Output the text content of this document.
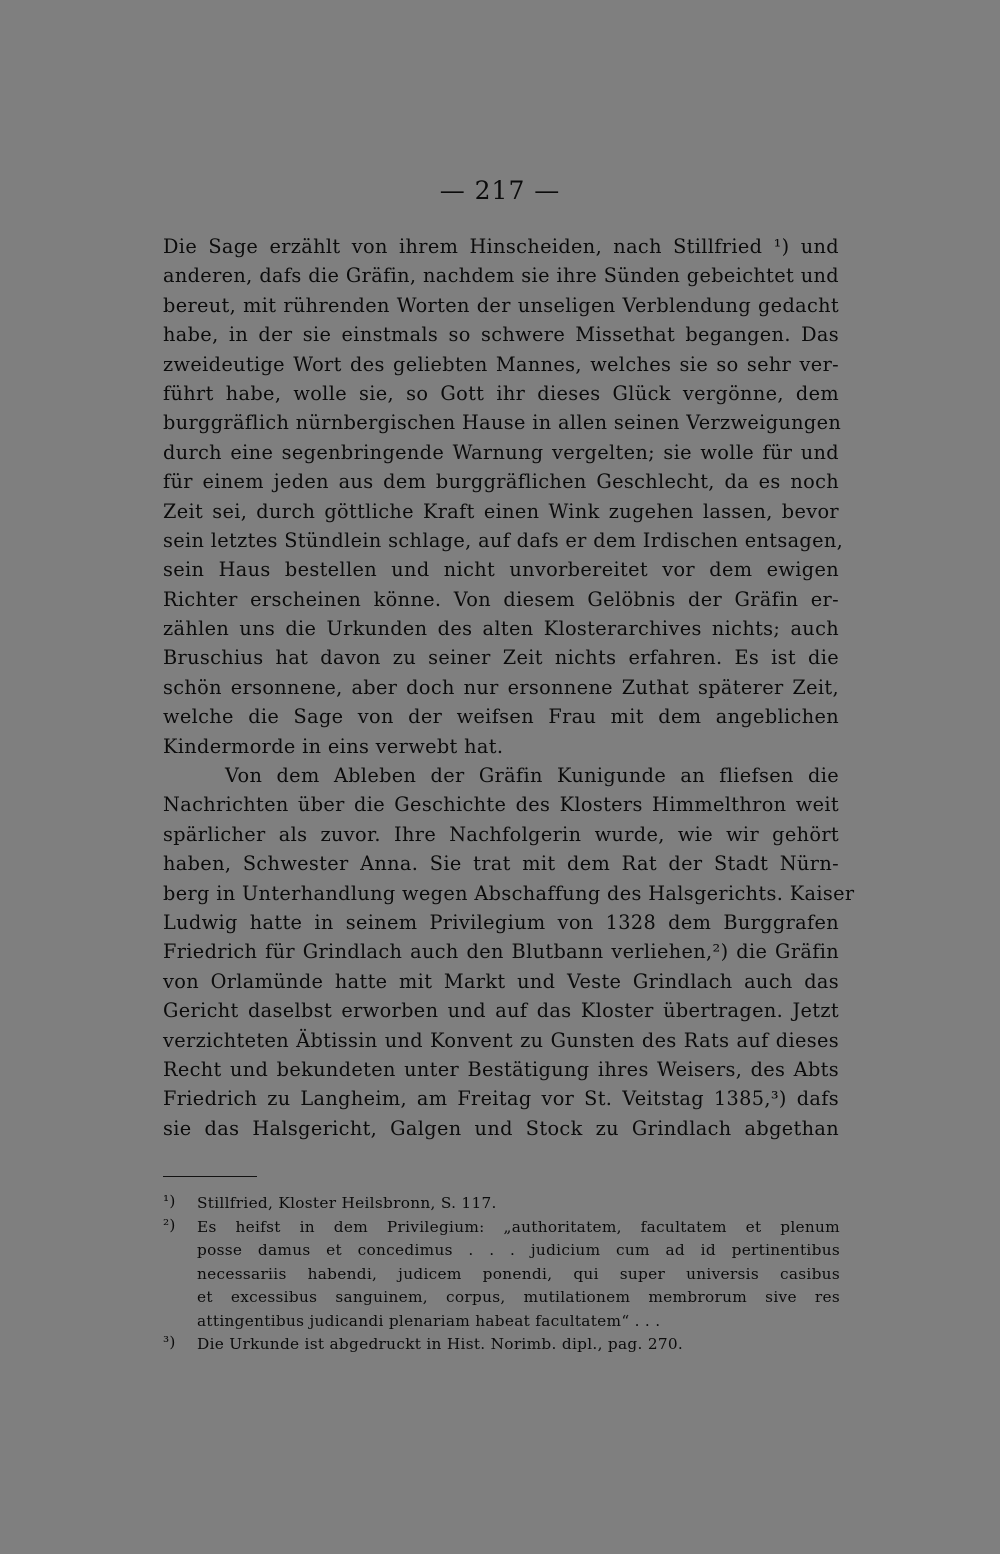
— 217 —
Die Sage erzählt von ihrem Hinscheiden, nach Stillfried ¹) und
anderen, dafs die Gräfin, nachdem sie ihre Sünden gebeichtet und
bereut, mit rührenden Worten der unseligen Verblendung gedacht
habe, in der sie einstmals so schwere Missethat begangen. Das
zweideutige Wort des geliebten Mannes, welches sie so sehr ver-
führt habe, wolle sie, so Gott ihr dieses Glück vergönne, dem
burggräflich nürnbergischen Hause in allen seinen Verzweigungen
durch eine segenbringende Warnung vergelten; sie wolle für und
für einem jeden aus dem burggräflichen Geschlecht, da es noch
Zeit sei, durch göttliche Kraft einen Wink zugehen lassen, bevor
sein letztes Stündlein schlage, auf dafs er dem Irdischen entsagen,
sein Haus bestellen und nicht unvorbereitet vor dem ewigen
Richter erscheinen könne. Von diesem Gelöbnis der Gräfin er-
zählen uns die Urkunden des alten Klosterarchives nichts; auch
Bruschius hat davon zu seiner Zeit nichts erfahren. Es ist die
schön ersonnene, aber doch nur ersonnene Zuthat späterer Zeit,
welche die Sage von der weifsen Frau mit dem angeblichen
Kindermorde in eins verwebt hat.
Von dem Ableben der Gräfin Kunigunde an fliefsen die
Nachrichten über die Geschichte des Klosters Himmelthron weit
spärlicher als zuvor. Ihre Nachfolgerin wurde, wie wir gehört
haben, Schwester Anna. Sie trat mit dem Rat der Stadt Nürn-
berg in Unterhandlung wegen Abschaffung des Halsgerichts. Kaiser
Ludwig hatte in seinem Privilegium von 1328 dem Burggrafen
Friedrich für Grindlach auch den Blutbann verliehen,²) die Gräfin
von Orlamünde hatte mit Markt und Veste Grindlach auch das
Gericht daselbst erworben und auf das Kloster übertragen. Jetzt
verzichteten Äbtissin und Konvent zu Gunsten des Rats auf dieses
Recht und bekundeten unter Bestätigung ihres Weisers, des Abts
Friedrich zu Langheim, am Freitag vor St. Veitstag 1385,³) dafs
sie das Halsgericht, Galgen und Stock zu Grindlach abgethan
¹)	Stillfried, Kloster Heilsbronn, S. 117.
²)	Es heifst in dem Privilegium: „authoritatem, facultatem et plenum
posse damus et concedimus . . . judicium cum ad id pertinentibus
necessariis habendi, judicem ponendi, qui super universis casibus
et excessibus sanguinem, corpus, mutilationem membrorum sive res
attingentibus judicandi plenariam habeat facultatem“ . . .
³)	Die Urkunde ist abgedruckt in Hist. Norimb. dipl., pag. 270.
